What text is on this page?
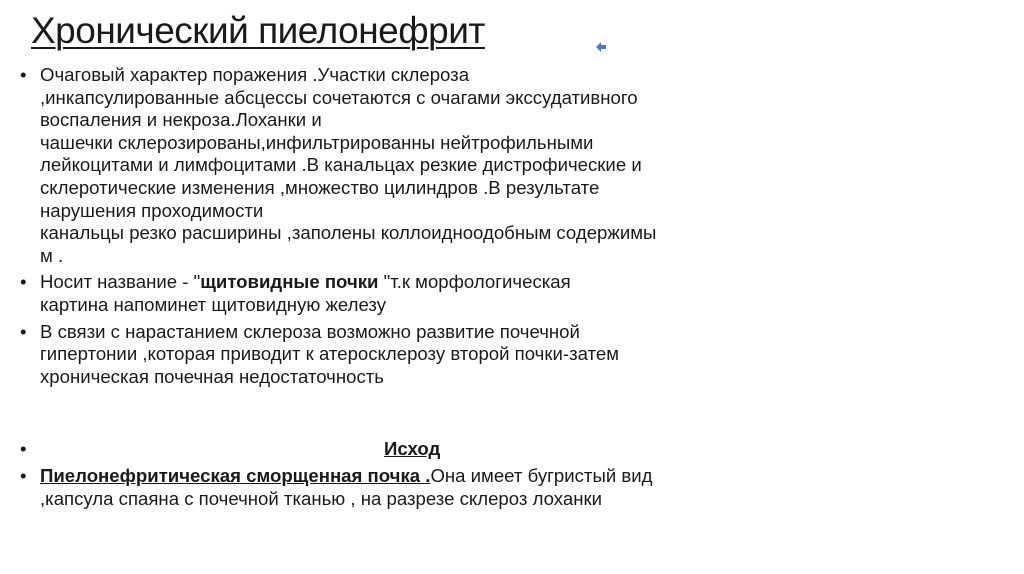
Хронический пиелонефрит
• Очаговый характер поражения .Участки склероза
,инкапсулированные абсцессы сочетаются с очагами экссудативного
воспаления и некроза.Лоханки и
чашечки склерозированы,инфильтрированны нейтрофильными
лейкоцитами и лимфоцитами .В канальцах резкие дистрофические и
склеротические изменения ,множество цилиндров .В результате
нарушения проходимости
канальцы резко расширины ,заполены коллоидноодобным содержимы
м .
• Носит название - "щитовидные почки "т.к морфологическая
картина напоминет щитовидную железу
• В связи с нарастанием склероза возможно развитие почечной
гипертонии ,которая приводит к атеросклерозу второй почки-затем
хроническая почечная недостаточность
•	Исход
• Пиелонефритическая сморщенная почка .Она имеет бугристый вид
,капсула спаяна с почечной тканью , на разрезе склероз лоханки
